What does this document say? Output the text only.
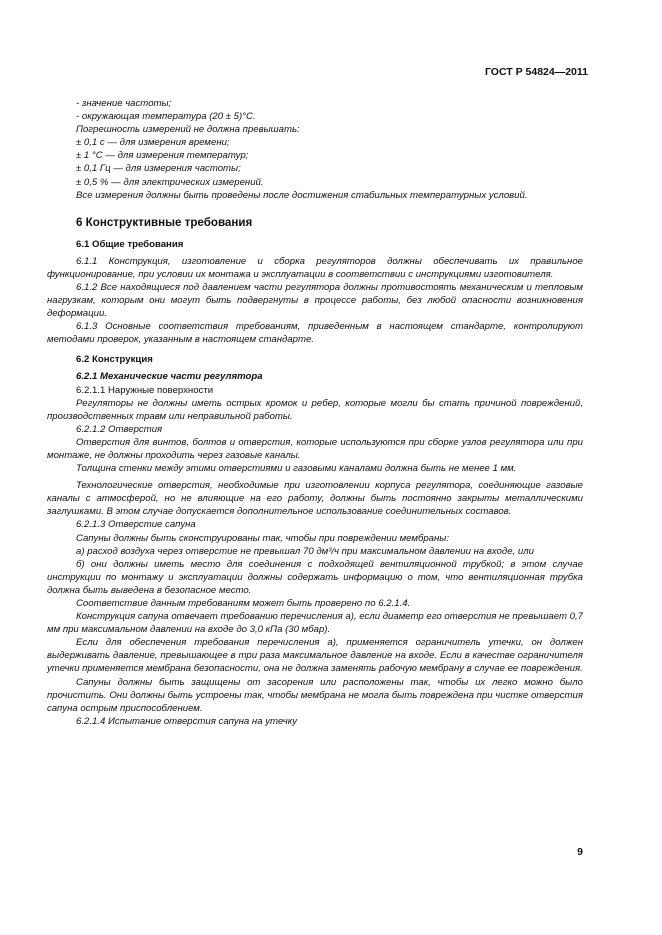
ГОСТ Р 54824—2011

- значение частоты;

- окружающая температура (20 ± 5)°С.

Погрешность измерений не должна превышать:

± 0,1 с — для измерения времени;

± 1 °С — для измерения температур;

± 0,1 Гц — для измерения частоты;

± 0,5 % — для электрических измерений.

Все измерения должны быть проведены после достижения стабильных температурных условий.

6 Конструктивные требования
6.1 Общие требования

6.1.1 Конструкция, изготовление и сборка регуляторов должны обеспечивать их правильное функционирование, при условии их монтажа и эксплуатации в соответствии с инструкциями изготовителя.

6.1.2 Все находящиеся под давлением части регулятора должны противостоять механическим и тепловым нагрузкам, которым они могут быть подвергнуты в процессе работы, без любой опасности возникновения деформации.

6.1.3 Основные соответствия требованиям, приведенным в настоящем стандарте, контролируют методами проверок, указанным в настоящем стандарте.

6.2 Конструкция

6.2.1 Механические части регулятора

6.2.1.1 Наружные поверхности

Регуляторы не должны иметь острых кромок и ребер, которые могли бы стать причиной повреждений, производственных травм или неправильной работы.

6.2.1.2 Отверстия

Отверстия для винтов, болтов и отверстия, которые используются при сборке узлов регулятора или при монтаже, не должны проходить через газовые каналы.

Толщина стенки между этими отверстиями и газовыми каналами должна быть не менее 1 мм.

Технологические отверстия, необходимые при изготовлении корпуса регулятора, соединяющие газовые каналы с атмосферой, но не влияющие на его работу, должны быть постоянно закрыты металлическими заглушками. В этом случае допускается дополнительное использование соединительных составов.

6.2.1.3 Отверстие сапуна

Сапуны должны быть сконструированы так, чтобы при повреждении мембраны:

а) расход воздуха через отверстие не превышал 70 дм³/ч при максимальном давлении на входе, или

б) они должны иметь место для соединения с подходящей вентиляционной трубкой; в этом случае инструкции по монтажу и эксплуатации должны содержать информацию о том, что вентиляционная трубка должна быть выведена в безопасное место.

Соответствие данным требованиям может быть проверено по 6.2.1.4.

Конструкция сапуна отвечает требованию перечисления а), если диаметр его отверстия не превышает 0,7 мм при максимальном давлении на входе до 3,0 кПа (30 мбар).

Если для обеспечения требования перечисления а), применяется ограничитель утечки, он должен выдерживать давление, превышающее в три раза максимальное давление на входе. Если в качестве ограничителя утечки применяется мембрана безопасности, она не должна заменять рабочую мембрану в случае ее повреждения.

Сапуны должны быть защищены от засорения или расположены так, чтобы их легко можно было прочистить. Они должны быть устроены так, чтобы мембрана не могла быть повреждена при чистке отверстия сапуна острым приспособлением.

6.2.1.4 Испытание отверстия сапуна на утечку

9
